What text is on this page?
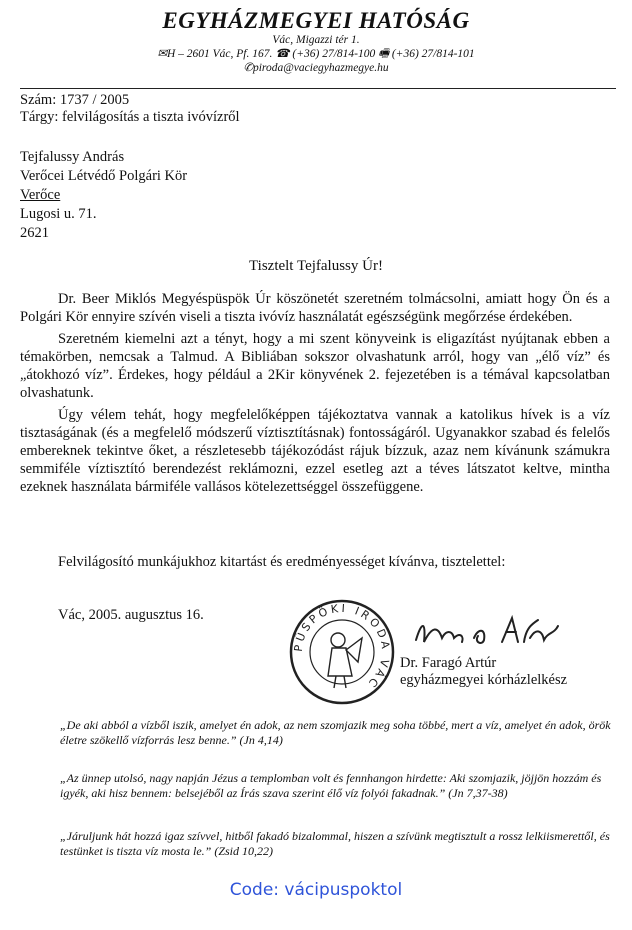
EGYHÁZMEGYEI HATÓSÁG
Vác, Migazzi tér 1.
✉H – 2601 Vác, Pf. 167. ☎ (+36) 27/814-100 🖷 (+36) 27/814-101
✆piroda@vaciegyhazmegye.hu
Szám: 1737 / 2005
Tárgy: felvilágosítás a tiszta ivóvízről
Tejfalussy András
Verőcei Létvédő Polgári Kör
Verőce
Lugosi u. 71.
2621
Tisztelt Tejfalussy Úr!

Dr. Beer Miklós Megyéspüspök Úr köszönetét szeretném tolmácsolni, amiatt hogy Ön és a Polgári Kör ennyire szívén viseli a tiszta ivóvíz használatát egészségünk megőrzése érdekében.

Szeretném kiemelni azt a tényt, hogy a mi szent könyveink is eligazítást nyújtanak ebben a témakörben, nemcsak a Talmud. A Bibliában sokszor olvashatunk arról, hogy van „élő víz” és „átokhozó víz”. Érdekes, hogy például a 2Kir könyvének 2. fejezetében is a témával kapcsolatban olvashatunk.

Úgy vélem tehát, hogy megfelelőképpen tájékoztatva vannak a katolikus hívek is a víz tisztaságának (és a megfelelő módszerű víztisztításnak) fontosságáról. Ugyanakkor szabad és felelős embereknek tekintve őket, a részletesebb tájékozódást rájuk bízzuk, azaz nem kívánunk számukra semmiféle víztisztító berendezést reklámozni, ezzel esetleg azt a téves látszatot keltve, mintha ezeknek használata bármiféle vallásos kötelezettséggel összefüggene.

Felvilágosító munkájukhoz kitartást és eredményességet kívánva, tisztelettel:
Vác, 2005. augusztus 16.
PÜSPÖKI IRODA VÁC
Dr. Faragó Artúr
egyházmegyei kórházlelkész
„De aki abból a vízből iszik, amelyet én adok, az nem szomjazik meg soha többé, mert a víz, amelyet én adok, örök életre szökellő vízforrás lesz benne.” (Jn 4,14)
„Az ünnep utolsó, nagy napján Jézus a templomban volt és fennhangon hirdette: Aki szomjazik, jöjjön hozzám és igyék, aki hisz bennem: belsejéből az Írás szava szerint élő víz folyói fakadnak.” (Jn 7,37-38)
„Járuljunk hát hozzá igaz szívvel, hitből fakadó bizalommal, hiszen a szívünk megtisztult a rossz lelkiismerettől, és testünket is tiszta víz mosta le.” (Zsid 10,22)
Code: vácipuspoktol
